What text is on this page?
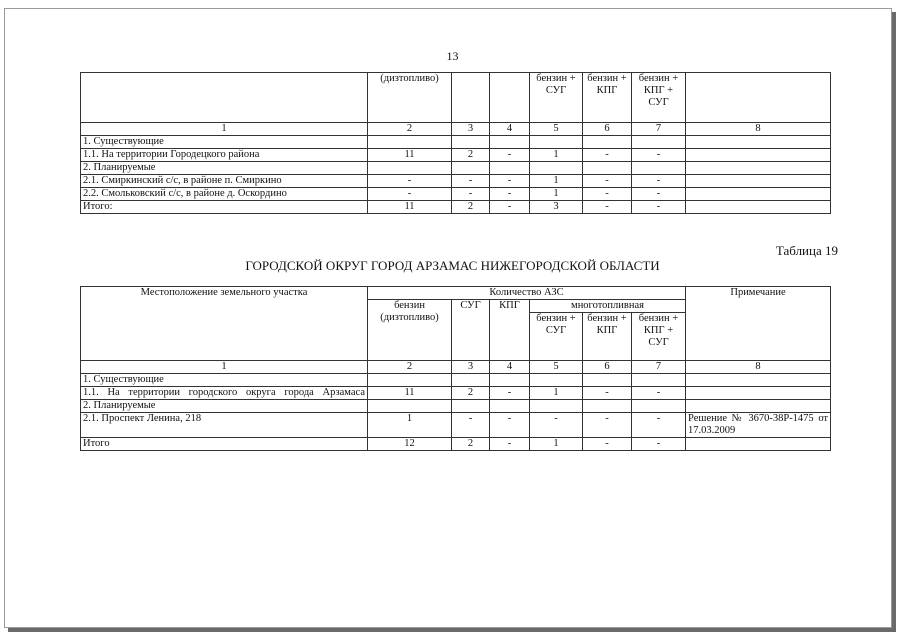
13
	(дизтопливо)			бензин + СУГ	бензин + КПГ	бензин + КПГ + СУГ	
1	2	3	4	5	6	7	8
1. Существующие							
1.1. На территории Городецкого района	11	2	-	1	-	-	
2. Планируемые							
2.1. Смиркинский с/с, в районе п. Смиркино	-	-	-	1	-	-	
2.2. Смольковский с/с, в районе д. Оскордино	-	-	-	1	-	-	
Итого:	11	2	-	3	-	-	
Таблица 19
ГОРОДСКОЙ ОКРУГ ГОРОД АРЗАМАС НИЖЕГОРОДСКОЙ ОБЛАСТИ
Местоположение земельного участка	Количество АЗС						Примечание
	бензин (дизтопливо)	СУГ	КПГ	многотопливная			
				бензин + СУГ	бензин + КПГ	бензин + КПГ + СУГ	
1	2	3	4	5	6	7	8
1. Существующие							
1.1. На территории городского округа города Арзамаса	11	2	-	1	-	-	
2. Планируемые							
2.1. Проспект Ленина, 218	1	-	-	-	-	-	Решение № 3670-38Р-1475 от 17.03.2009
Итого	12	2	-	1	-	-	
